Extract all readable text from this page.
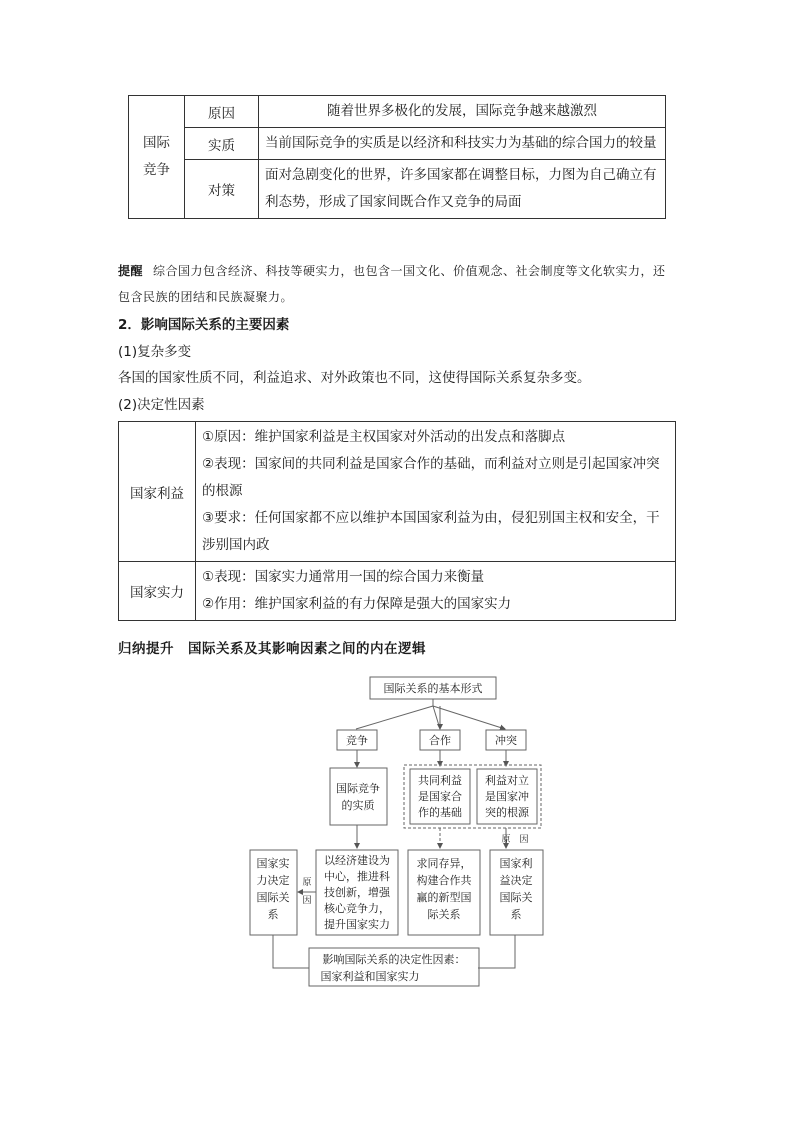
国际竞争	原因	随着世界多极化的发展，国际竞争越来越激烈
	实质	当前国际竞争的实质是以经济和科技实力为基础的综合国力的较量
	对策	面对急剧变化的世界，许多国家都在调整目标，力图为自己确立有利态势，形成了国家间既合作又竞争的局面
提醒 综合国力包含经济、科技等硬实力，也包含一国文化、价值观念、社会制度等文化软实力，还包含民族的团结和民族凝聚力。
2．影响国际关系的主要因素
(1)复杂多变
各国的国家性质不同，利益追求、对外政策也不同，这使得国际关系复杂多变。
(2)决定性因素
国家利益	①原因：维护国家利益是主权国家对外活动的出发点和落脚点
②表现：国家间的共同利益是国家合作的基础，而利益对立则是引起国家冲突的根源
③要求：任何国家都不应以维护本国国家利益为由，侵犯别国主权和安全，干涉别国内政

国家实力	①表现：国家实力通常用一国的综合国力来衡量
②作用：维护国家利益的有力保障是强大的国家实力
归纳提升 国际关系及其影响因素之间的内在逻辑
国际关系的基本形式
竞争	合作	冲突
国际竞争
的实质
共同利益
是国家合
作的基础
利益对立
是国家冲
突的根源
原　因
国家实
力决定
国际关
系
原
因
以经济建设为
中心，推进科
技创新，增强
核心竞争力，
提升国家实力
求同存异，
构建合作共
赢的新型国
际关系
国家利
益决定
国际关
系
影响国际关系的决定性因素：
国家利益和国家实力
